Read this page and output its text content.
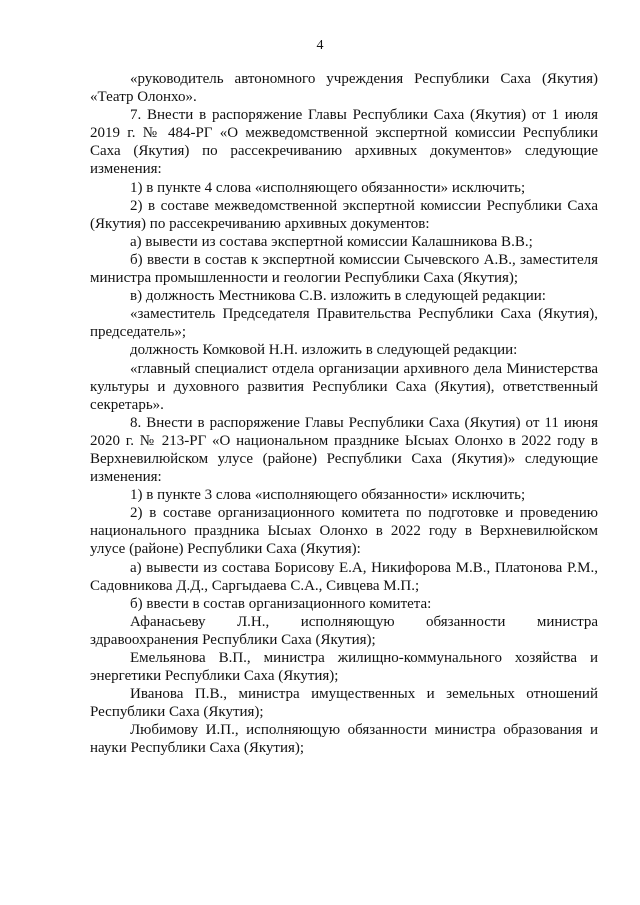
4

«руководитель автономного учреждения Республики Саха (Якутия) «Театр Олонхо».

7. Внести в распоряжение Главы Республики Саха (Якутия) от 1 июля 2019 г. № 484-РГ «О межведомственной экспертной комиссии Республики Саха (Якутия) по рассекречиванию архивных документов» следующие изменения:

1) в пункте 4 слова «исполняющего обязанности» исключить;

2) в составе межведомственной экспертной комиссии Республики Саха (Якутия) по рассекречиванию архивных документов:

а) вывести из состава экспертной комиссии Калашникова В.В.;

б) ввести в состав к экспертной комиссии Сычевского А.В., заместителя министра промышленности и геологии Республики Саха (Якутия);

в) должность Местникова С.В. изложить в следующей редакции:

«заместитель Председателя Правительства Республики Саха (Якутия), председатель»;

должность Комковой Н.Н. изложить в следующей редакции:

«главный специалист отдела организации архивного дела Министерства культуры и духовного развития Республики Саха (Якутия), ответственный секретарь».

8. Внести в распоряжение Главы Республики Саха (Якутия) от 11 июня 2020 г. № 213-РГ «О национальном празднике Ысыах Олонхо в 2022 году в Верхневилюйском улусе (районе) Республики Саха (Якутия)» следующие изменения:

1) в пункте 3 слова «исполняющего обязанности» исключить;

2) в составе организационного комитета по подготовке и проведению национального праздника Ысыах Олонхо в 2022 году в Верхневилюйском улусе (районе) Республики Саха (Якутия):

а) вывести из состава Борисову Е.А, Никифорова М.В., Платонова Р.М., Садовникова Д.Д., Саргыдаева С.А., Сивцева М.П.;

б) ввести в состав организационного комитета:

Афанасьеву Л.Н., исполняющую обязанности министра здравоохранения Республики Саха (Якутия);

Емельянова В.П., министра жилищно-коммунального хозяйства и энергетики Республики Саха (Якутия);

Иванова П.В., министра имущественных и земельных отношений Республики Саха (Якутия);

Любимову И.П., исполняющую обязанности министра образования и науки Республики Саха (Якутия);
